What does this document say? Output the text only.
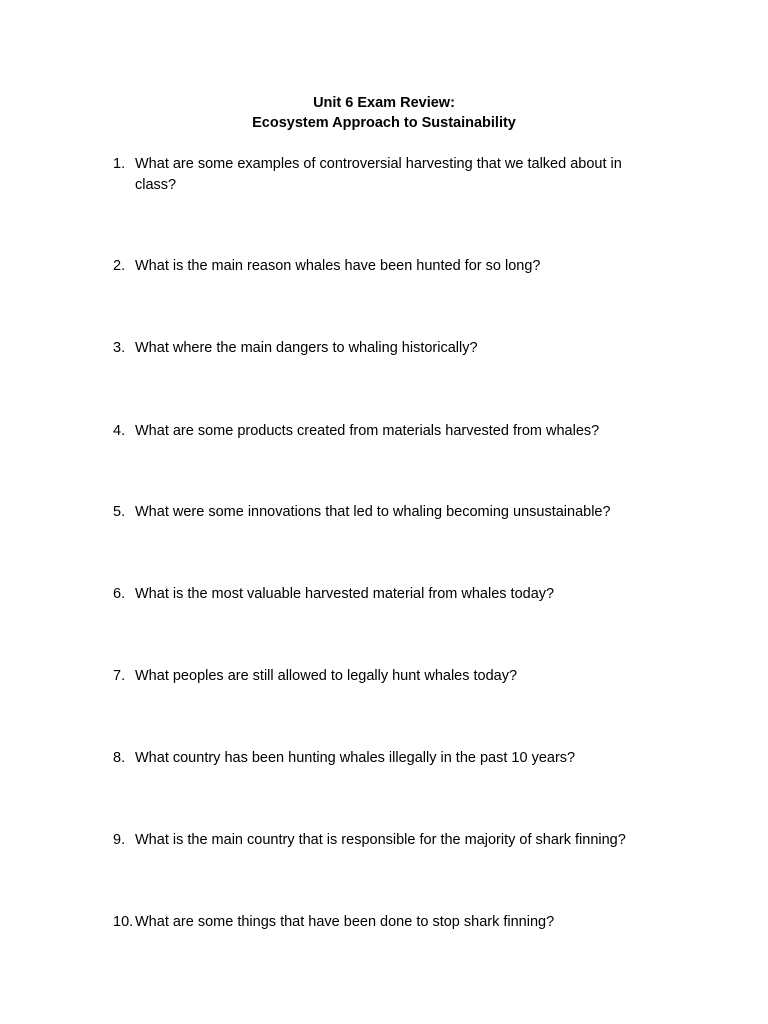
Unit 6 Exam Review:
Ecosystem Approach to Sustainability
1. What are some examples of controversial harvesting that we talked about in class?
2. What is the main reason whales have been hunted for so long?
3. What where the main dangers to whaling historically?
4. What are some products created from materials harvested from whales?
5. What were some innovations that led to whaling becoming unsustainable?
6. What is the most valuable harvested material from whales today?
7. What peoples are still allowed to legally hunt whales today?
8. What country has been hunting whales illegally in the past 10 years?
9. What is the main country that is responsible for the majority of shark finning?
10. What are some things that have been done to stop shark finning?
